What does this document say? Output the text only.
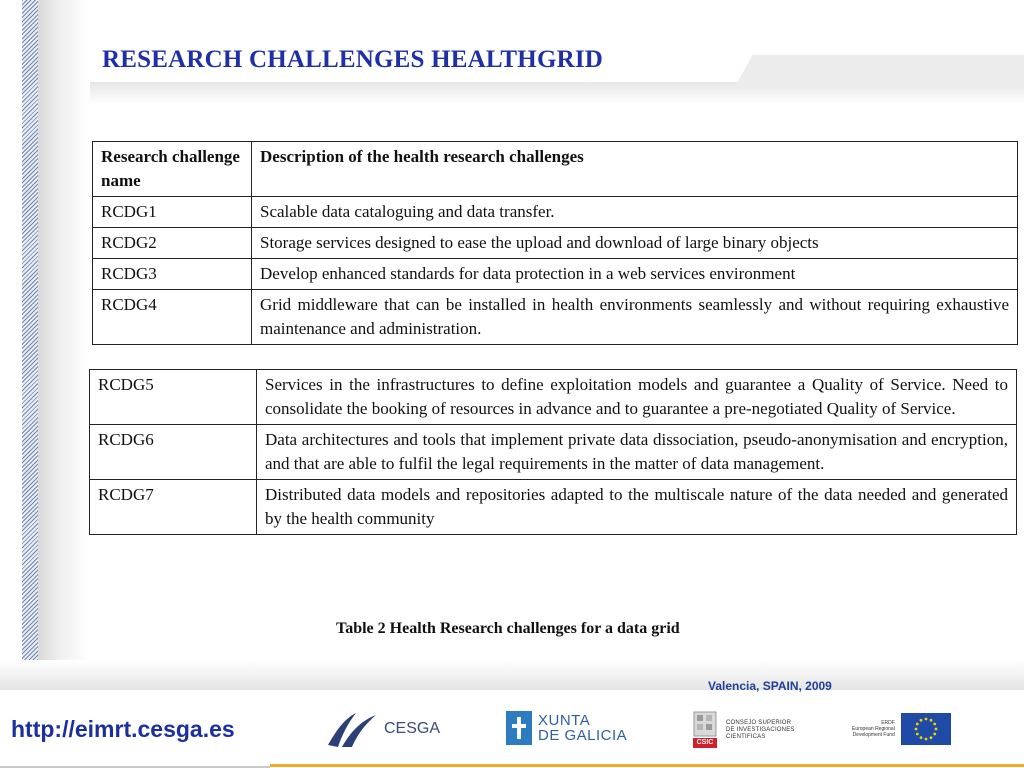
RESEARCH CHALLENGES HEALTHGRID
Research challenge name	Description of the health research challenges
RCDG1	Scalable data cataloguing and data transfer.
RCDG2	Storage services designed to ease the upload and download of large binary objects
RCDG3	Develop enhanced standards for data protection in a web services environment
RCDG4	Grid middleware that can be installed in health environments seamlessly and without requiring exhaustive maintenance and administration.
RCDG5	Services in the infrastructures to define exploitation models and guarantee a Quality of Service. Need to consolidate the booking of resources in advance and to guarantee a pre-negotiated Quality of Service.
RCDG6	Data architectures and tools that implement private data dissociation, pseudo-anonymisation and encryption, and that are able to fulfil the legal requirements in the matter of data management.
RCDG7	Distributed data models and repositories adapted to the multiscale nature of the data needed and generated by the health community
Table 2 Health Research challenges for a data grid
Valencia, SPAIN, 2009
http://eimrt.cesga.es	CESGA	XUNTA
DE GALICIA	CSIC
CONSEJO SUPERIOR
DE INVESTIGACIONES
CIENTIFICAS
ERDF
European Regional
Development Fund
